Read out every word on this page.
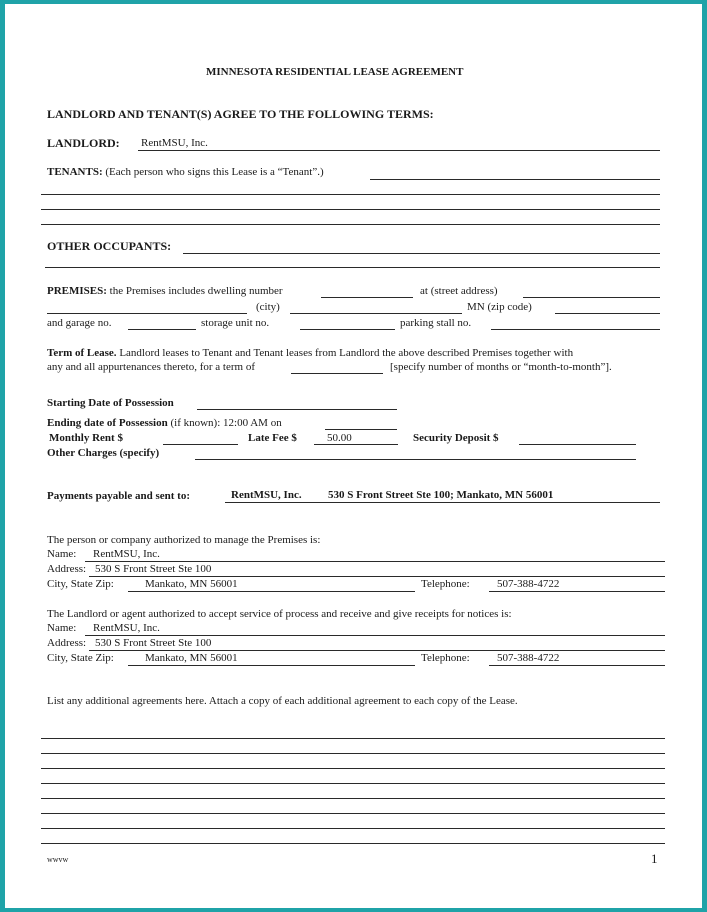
MINNESOTA RESIDENTIAL LEASE AGREEMENT
LANDLORD AND TENANT(S) AGREE TO THE FOLLOWING TERMS:
LANDLORD: RentMSU, Inc.
TENANTS: (Each person who signs this Lease is a “Tenant”.)
OTHER OCCUPANTS:
PREMISES: the Premises includes dwelling number	at (street address)
(city)	MN (zip code)
and garage no.	storage unit no.	parking stall no.
Term of Lease. Landlord leases to Tenant and Tenant leases from Landlord the above described Premises together with
any and all appurtenances thereto, for a term of	[specify number of months or “month-to-month”].
Starting Date of Possession
Ending date of Possession (if known): 12:00 AM on
Monthly Rent $	Late Fee $	50.00	Security Deposit $
Other Charges (specify)
Payments payable and sent to:	RentMSU, Inc. 530 S Front Street Ste 100; Mankato, MN 56001
The person or company authorized to manage the Premises is:
Name: RentMSU, Inc.
Address: 530 S Front Street Ste 100
City, State Zip:	Mankato, MN 56001	Telephone: 507-388-4722
The Landlord or agent authorized to accept service of process and receive and give receipts for notices is:
Name: RentMSU, Inc.
Address: 530 S Front Street Ste 100
City, State Zip:	Mankato, MN 56001	Telephone: 507-388-4722
List any additional agreements here. Attach a copy of each additional agreement to each copy of the Lease.
wwvw	1
